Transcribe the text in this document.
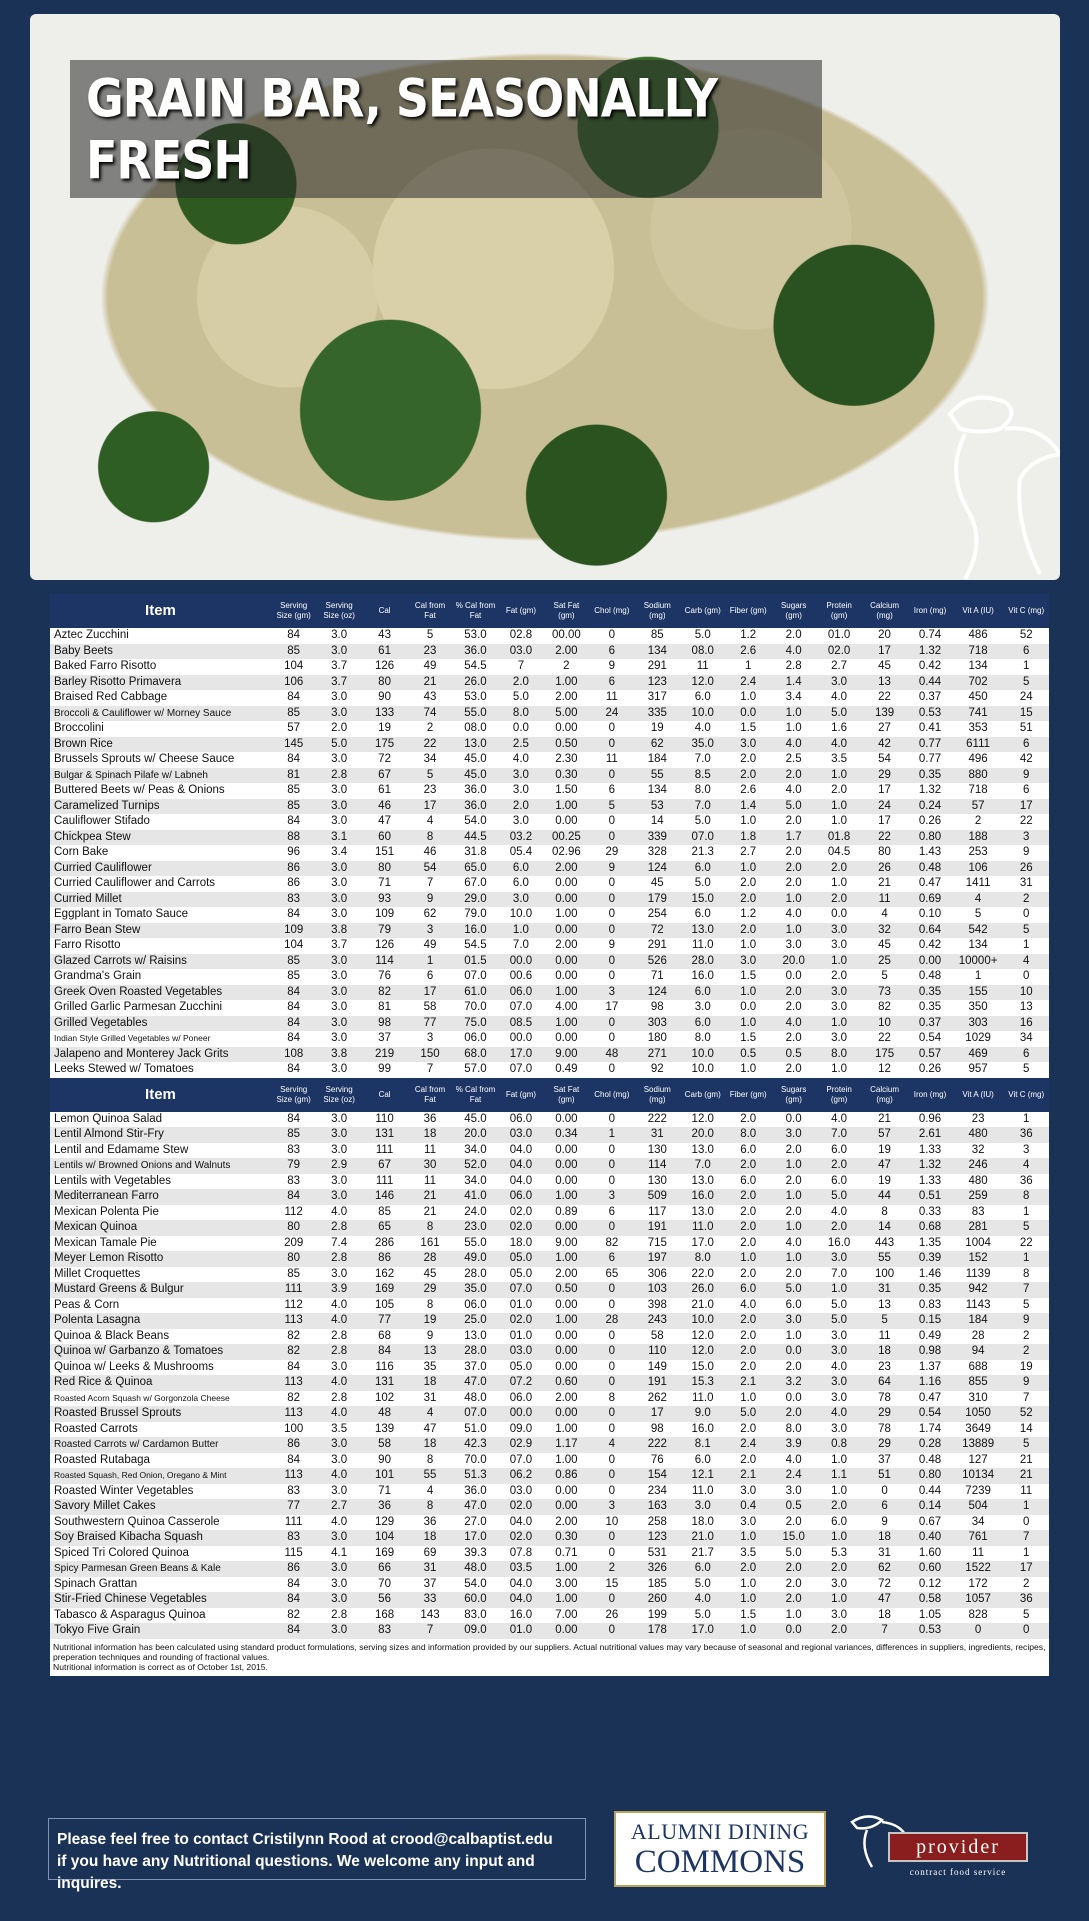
GRAIN BAR, SEASONALLY FRESH
Item	Serving Size (gm)	Serving Size (oz)	Cal	Cal from Fat	% Cal from Fat	Fat (gm)	Sat Fat (gm)	Chol (mg)	Sodium (mg)	Carb (gm)	Fiber (gm)	Sugars (gm)	Protein (gm)	Calcium (mg)	Iron (mg)	Vit A (IU)	Vit C (mg)
Aztec Zucchini	84	3.0	43	5	53.0	02.8	00.00	0	85	5.0	1.2	2.0	01.0	20	0.74	486	52
Baby Beets	85	3.0	61	23	36.0	03.0	2.00	6	134	08.0	2.6	4.0	02.0	17	1.32	718	6
Baked Farro Risotto	104	3.7	126	49	54.5	7	2	9	291	11	1	2.8	2.7	45	0.42	134	1
Barley Risotto Primavera	106	3.7	80	21	26.0	2.0	1.00	6	123	12.0	2.4	1.4	3.0	13	0.44	702	5
Braised Red Cabbage	84	3.0	90	43	53.0	5.0	2.00	11	317	6.0	1.0	3.4	4.0	22	0.37	450	24
Broccoli & Cauliflower w/ Morney Sauce	85	3.0	133	74	55.0	8.0	5.00	24	335	10.0	0.0	1.0	5.0	139	0.53	741	15
Broccolini	57	2.0	19	2	08.0	0.0	0.00	0	19	4.0	1.5	1.0	1.6	27	0.41	353	51
Brown Rice	145	5.0	175	22	13.0	2.5	0.50	0	62	35.0	3.0	4.0	4.0	42	0.77	6111	6
Brussels Sprouts w/ Cheese Sauce	84	3.0	72	34	45.0	4.0	2.30	11	184	7.0	2.0	2.5	3.5	54	0.77	496	42
Bulgar & Spinach Pilafe w/ Labneh	81	2.8	67	5	45.0	3.0	0.30	0	55	8.5	2.0	2.0	1.0	29	0.35	880	9
Buttered Beets w/ Peas & Onions	85	3.0	61	23	36.0	3.0	1.50	6	134	8.0	2.6	4.0	2.0	17	1.32	718	6
Caramelized Turnips	85	3.0	46	17	36.0	2.0	1.00	5	53	7.0	1.4	5.0	1.0	24	0.24	57	17
Cauliflower Stifado	84	3.0	47	4	54.0	3.0	0.00	0	14	5.0	1.0	2.0	1.0	17	0.26	2	22
Chickpea Stew	88	3.1	60	8	44.5	03.2	00.25	0	339	07.0	1.8	1.7	01.8	22	0.80	188	3
Corn Bake	96	3.4	151	46	31.8	05.4	02.96	29	328	21.3	2.7	2.0	04.5	80	1.43	253	9
Curried Cauliflower	86	3.0	80	54	65.0	6.0	2.00	9	124	6.0	1.0	2.0	2.0	26	0.48	106	26
Curried Cauliflower and Carrots	86	3.0	71	7	67.0	6.0	0.00	0	45	5.0	2.0	2.0	1.0	21	0.47	1411	31
Curried Millet	83	3.0	93	9	29.0	3.0	0.00	0	179	15.0	2.0	1.0	2.0	11	0.69	4	2
Eggplant in Tomato Sauce	84	3.0	109	62	79.0	10.0	1.00	0	254	6.0	1.2	4.0	0.0	4	0.10	5	0
Farro Bean Stew	109	3.8	79	3	16.0	1.0	0.00	0	72	13.0	2.0	1.0	3.0	32	0.64	542	5
Farro Risotto	104	3.7	126	49	54.5	7.0	2.00	9	291	11.0	1.0	3.0	3.0	45	0.42	134	1
Glazed Carrots w/ Raisins	85	3.0	114	1	01.5	00.0	0.00	0	526	28.0	3.0	20.0	1.0	25	0.00	10000+	4
Grandma's Grain	85	3.0	76	6	07.0	00.6	0.00	0	71	16.0	1.5	0.0	2.0	5	0.48	1	0
Greek Oven Roasted Vegetables	84	3.0	82	17	61.0	06.0	1.00	3	124	6.0	1.0	2.0	3.0	73	0.35	155	10
Grilled Garlic Parmesan Zucchini	84	3.0	81	58	70.0	07.0	4.00	17	98	3.0	0.0	2.0	3.0	82	0.35	350	13
Grilled Vegetables	84	3.0	98	77	75.0	08.5	1.00	0	303	6.0	1.0	4.0	1.0	10	0.37	303	16
Indian Style Grilled Vegetables w/ Poneer	84	3.0	37	3	06.0	00.0	0.00	0	180	8.0	1.5	2.0	3.0	22	0.54	1029	34
Jalapeno and Monterey Jack Grits	108	3.8	219	150	68.0	17.0	9.00	48	271	10.0	0.5	0.5	8.0	175	0.57	469	6
Leeks Stewed w/ Tomatoes	84	3.0	99	7	57.0	07.0	0.49	0	92	10.0	1.0	2.0	1.0	12	0.26	957	5
Item	Serving Size (gm)	Serving Size (oz)	Cal	Cal from Fat	% Cal from Fat	Fat (gm)	Sat Fat (gm)	Chol (mg)	Sodium (mg)	Carb (gm)	Fiber (gm)	Sugars (gm)	Protein (gm)	Calcium (mg)	Iron (mg)	Vit A (IU)	Vit C (mg)
Lemon Quinoa Salad	84	3.0	110	36	45.0	06.0	0.00	0	222	12.0	2.0	0.0	4.0	21	0.96	23	1
Lentil Almond Stir-Fry	85	3.0	131	18	20.0	03.0	0.34	1	31	20.0	8.0	3.0	7.0	57	2.61	480	36
Lentil and Edamame Stew	83	3.0	111	11	34.0	04.0	0.00	0	130	13.0	6.0	2.0	6.0	19	1.33	32	3
Lentils w/ Browned Onions and Walnuts	79	2.9	67	30	52.0	04.0	0.00	0	114	7.0	2.0	1.0	2.0	47	1.32	246	4
Lentils with Vegetables	83	3.0	111	11	34.0	04.0	0.00	0	130	13.0	6.0	2.0	6.0	19	1.33	480	36
Mediterranean Farro	84	3.0	146	21	41.0	06.0	1.00	3	509	16.0	2.0	1.0	5.0	44	0.51	259	8
Mexican Polenta Pie	112	4.0	85	21	24.0	02.0	0.89	6	117	13.0	2.0	2.0	4.0	8	0.33	83	1
Mexican Quinoa	80	2.8	65	8	23.0	02.0	0.00	0	191	11.0	2.0	1.0	2.0	14	0.68	281	5
Mexican Tamale Pie	209	7.4	286	161	55.0	18.0	9.00	82	715	17.0	2.0	4.0	16.0	443	1.35	1004	22
Meyer Lemon Risotto	80	2.8	86	28	49.0	05.0	1.00	6	197	8.0	1.0	1.0	3.0	55	0.39	152	1
Millet Croquettes	85	3.0	162	45	28.0	05.0	2.00	65	306	22.0	2.0	2.0	7.0	100	1.46	1139	8
Mustard Greens & Bulgur	111	3.9	169	29	35.0	07.0	0.50	0	103	26.0	6.0	5.0	1.0	31	0.35	942	7
Peas & Corn	112	4.0	105	8	06.0	01.0	0.00	0	398	21.0	4.0	6.0	5.0	13	0.83	1143	5
Polenta Lasagna	113	4.0	77	19	25.0	02.0	1.00	28	243	10.0	2.0	3.0	5.0	5	0.15	184	9
Quinoa & Black Beans	82	2.8	68	9	13.0	01.0	0.00	0	58	12.0	2.0	1.0	3.0	11	0.49	28	2
Quinoa w/ Garbanzo & Tomatoes	82	2.8	84	13	28.0	03.0	0.00	0	110	12.0	2.0	0.0	3.0	18	0.98	94	2
Quinoa w/ Leeks & Mushrooms	84	3.0	116	35	37.0	05.0	0.00	0	149	15.0	2.0	2.0	4.0	23	1.37	688	19
Red Rice & Quinoa	113	4.0	131	18	47.0	07.2	0.60	0	191	15.3	2.1	3.2	3.0	64	1.16	855	9
Roasted Acorn Squash w/ Gorgonzola Cheese	82	2.8	102	31	48.0	06.0	2.00	8	262	11.0	1.0	0.0	3.0	78	0.47	310	7
Roasted Brussel Sprouts	113	4.0	48	4	07.0	00.0	0.00	0	17	9.0	5.0	2.0	4.0	29	0.54	1050	52
Roasted Carrots	100	3.5	139	47	51.0	09.0	1.00	0	98	16.0	2.0	8.0	3.0	78	1.74	3649	14
Roasted Carrots w/ Cardamon Butter	86	3.0	58	18	42.3	02.9	1.17	4	222	8.1	2.4	3.9	0.8	29	0.28	13889	5
Roasted Rutabaga	84	3.0	90	8	70.0	07.0	1.00	0	76	6.0	2.0	4.0	1.0	37	0.48	127	21
Roasted Squash, Red Onion, Oregano & Mint	113	4.0	101	55	51.3	06.2	0.86	0	154	12.1	2.1	2.4	1.1	51	0.80	10134	21
Roasted Winter Vegetables	83	3.0	71	4	36.0	03.0	0.00	0	234	11.0	3.0	3.0	1.0	0	0.44	7239	11
Savory Millet Cakes	77	2.7	36	8	47.0	02.0	0.00	3	163	3.0	0.4	0.5	2.0	6	0.14	504	1
Southwestern Quinoa Casserole	111	4.0	129	36	27.0	04.0	2.00	10	258	18.0	3.0	2.0	6.0	9	0.67	34	0
Soy Braised Kibacha Squash	83	3.0	104	18	17.0	02.0	0.30	0	123	21.0	1.0	15.0	1.0	18	0.40	761	7
Spiced Tri Colored Quinoa	115	4.1	169	69	39.3	07.8	0.71	0	531	21.7	3.5	5.0	5.3	31	1.60	11	1
Spicy Parmesan Green Beans & Kale	86	3.0	66	31	48.0	03.5	1.00	2	326	6.0	2.0	2.0	2.0	62	0.60	1522	17
Spinach Grattan	84	3.0	70	37	54.0	04.0	3.00	15	185	5.0	1.0	2.0	3.0	72	0.12	172	2
Stir-Fried Chinese Vegetables	84	3.0	56	33	60.0	04.0	1.00	0	260	4.0	1.0	2.0	1.0	47	0.58	1057	36
Tabasco & Asparagus Quinoa	82	2.8	168	143	83.0	16.0	7.00	26	199	5.0	1.5	1.0	3.0	18	1.05	828	5
Tokyo Five Grain	84	3.0	83	7	09.0	01.0	0.00	0	178	17.0	1.0	0.0	2.0	7	0.53	0	0
Nutritional information has been calculated using standard product formulations, serving sizes and information provided by our suppliers. Actual nutritional values may vary because of seasonal and regional variances, differences in suppliers, ingredients, recipes, preperation techniques and rounding of fractional values.
Nutritional information is correct as of October 1st, 2015.
Please feel free to contact Cristilynn Rood at crood@calbaptist.edu
if you have any Nutritional questions. We welcome any input and inquires.
ALUMNI DINING
COMMONS	provider
contract food service
